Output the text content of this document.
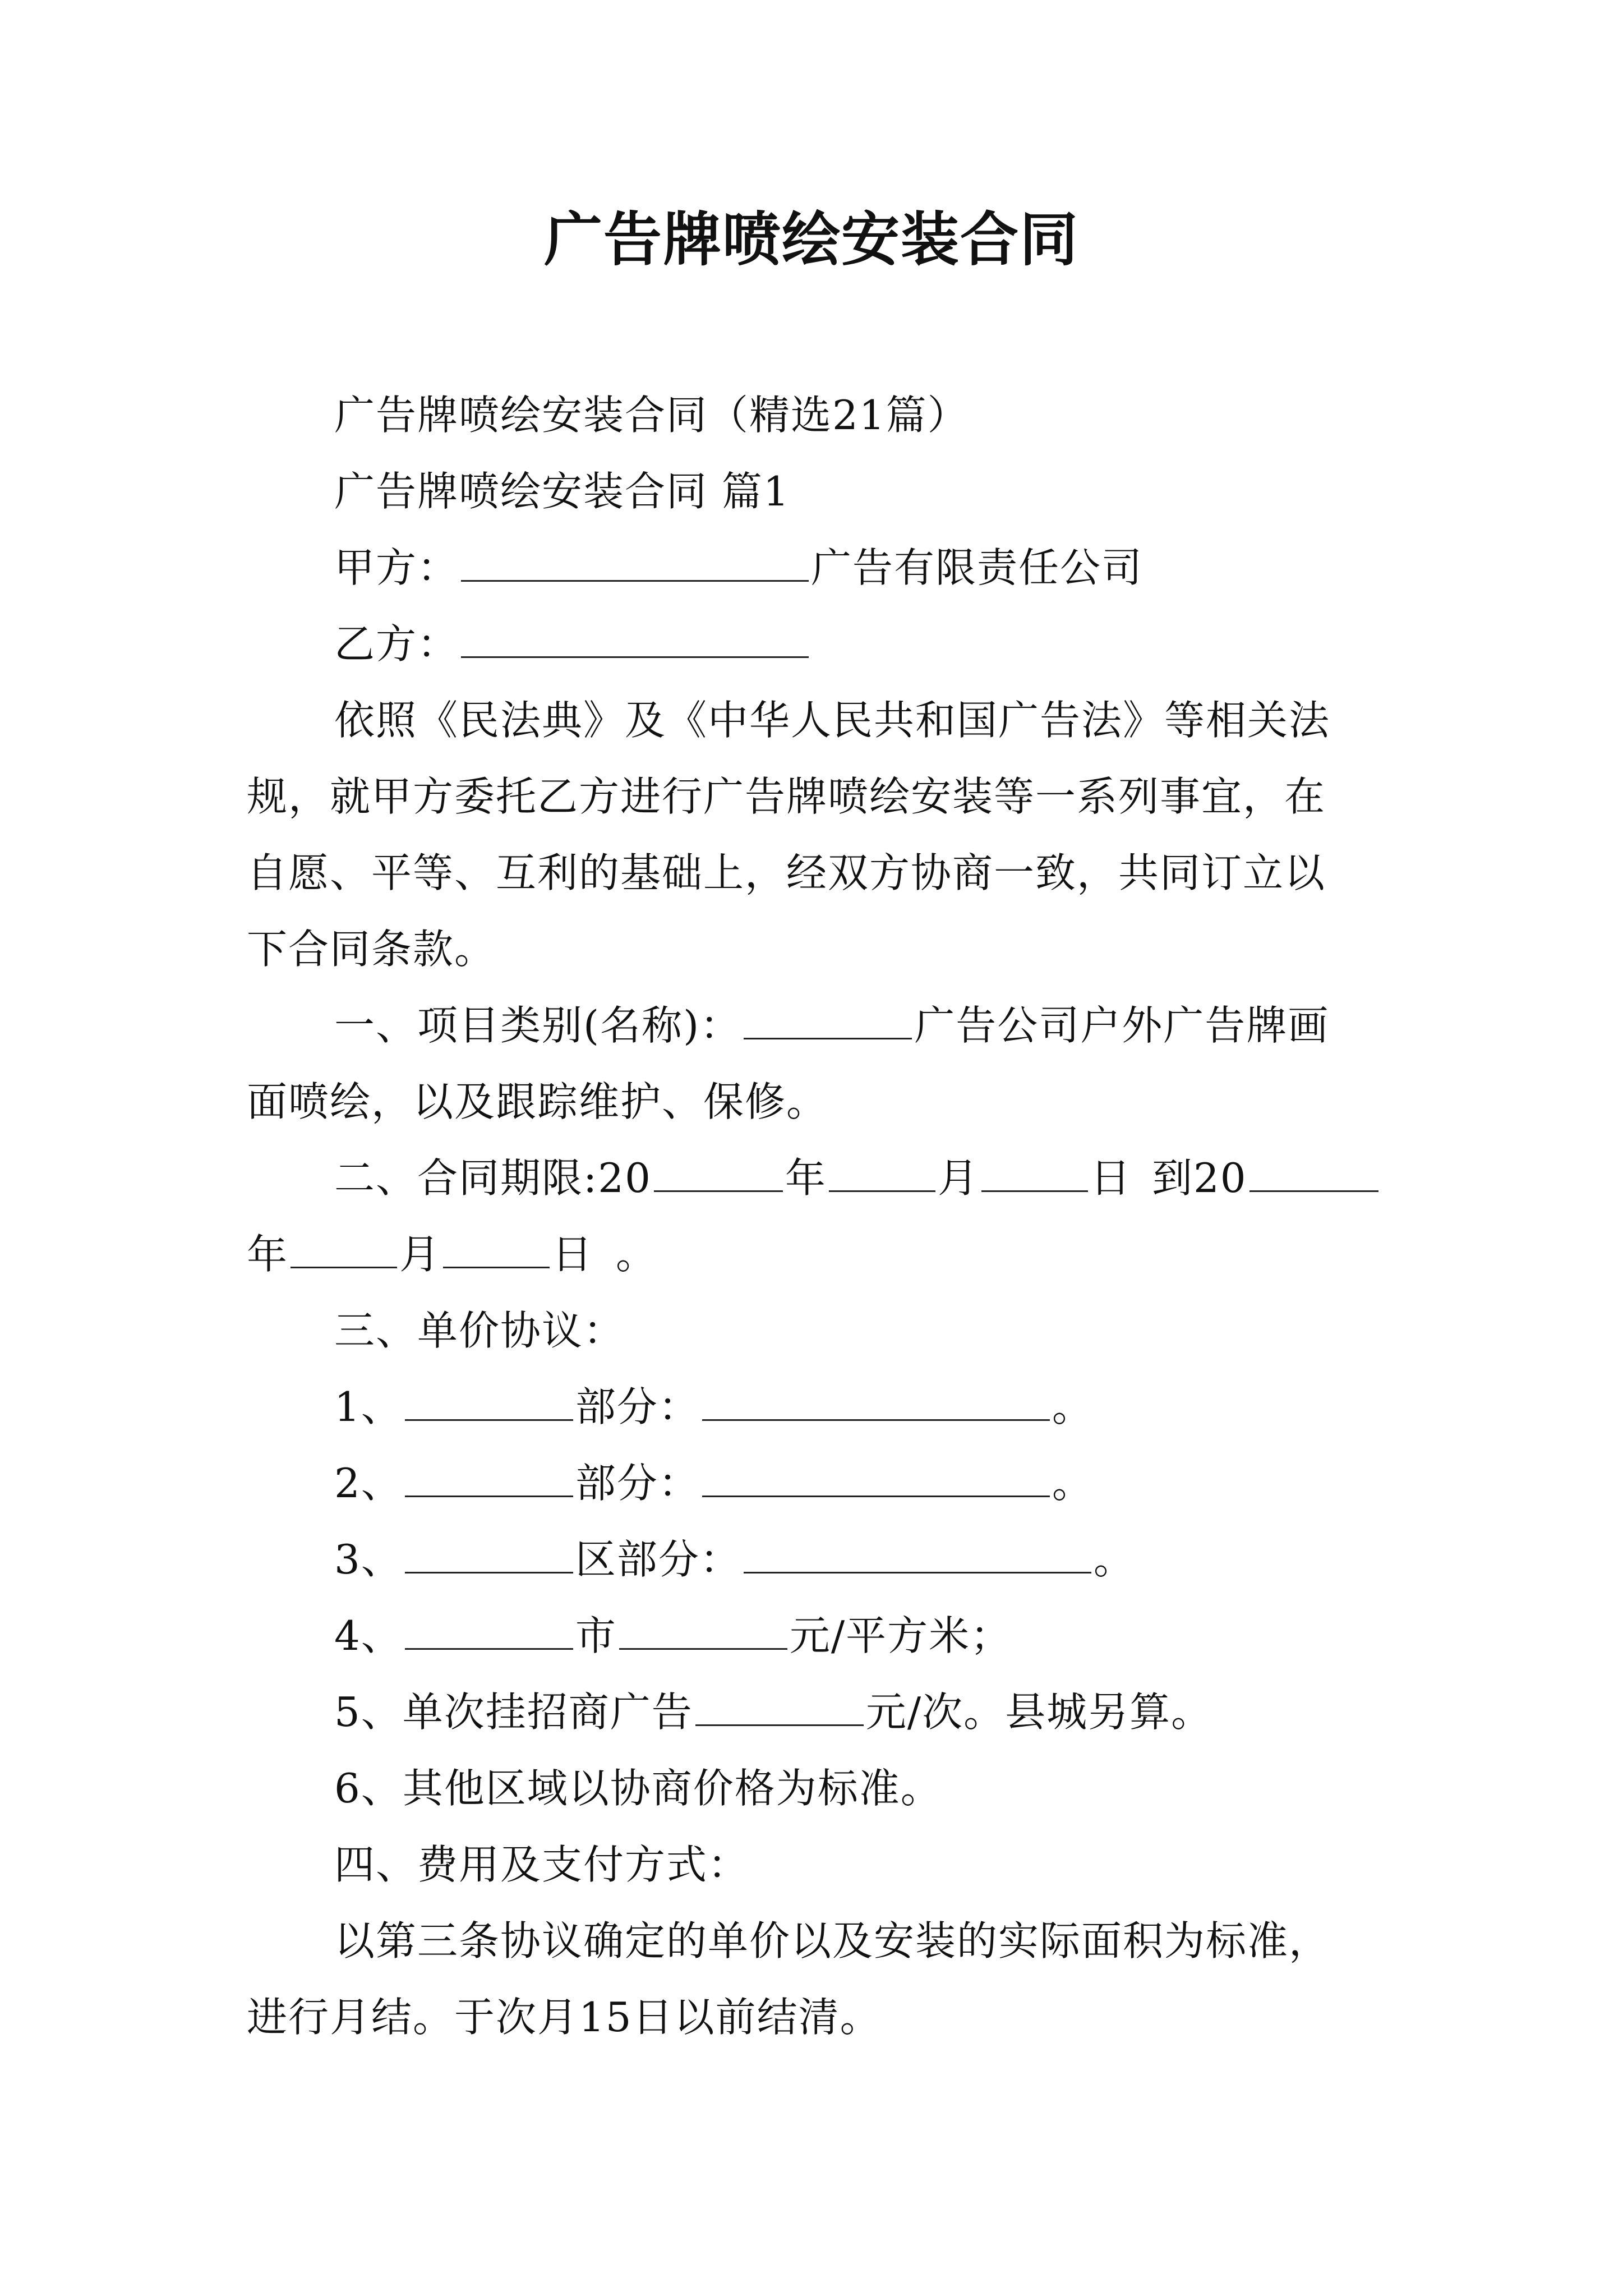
广告牌喷绘安装合同
广告牌喷绘安装合同（精选21篇）
广告牌喷绘安装合同 篇1
甲方：	广告有限责任公司
乙方：
依照《民法典》及《中华人民共和国广告法》等相关法
规，就甲方委托乙方进行广告牌喷绘安装等一系列事宜，在
自愿、平等、互利的基础上，经双方协商一致，共同订立以
下合同条款。
一、项目类别(名称)：	广告公司户外广告牌画
面喷绘，以及跟踪维护、保修。
二、合同期限:20	年	月	日 到20
年	月	日 。
三、单价协议：
1、	部分：	。
2、	部分：	。
3、	区部分：	。
4、	市	元/平方米；
5、单次挂招商广告	元/次。县城另算。
6、其他区域以协商价格为标准。
四、费用及支付方式：
以第三条协议确定的单价以及安装的实际面积为标准，
进行月结。于次月15日以前结清。
